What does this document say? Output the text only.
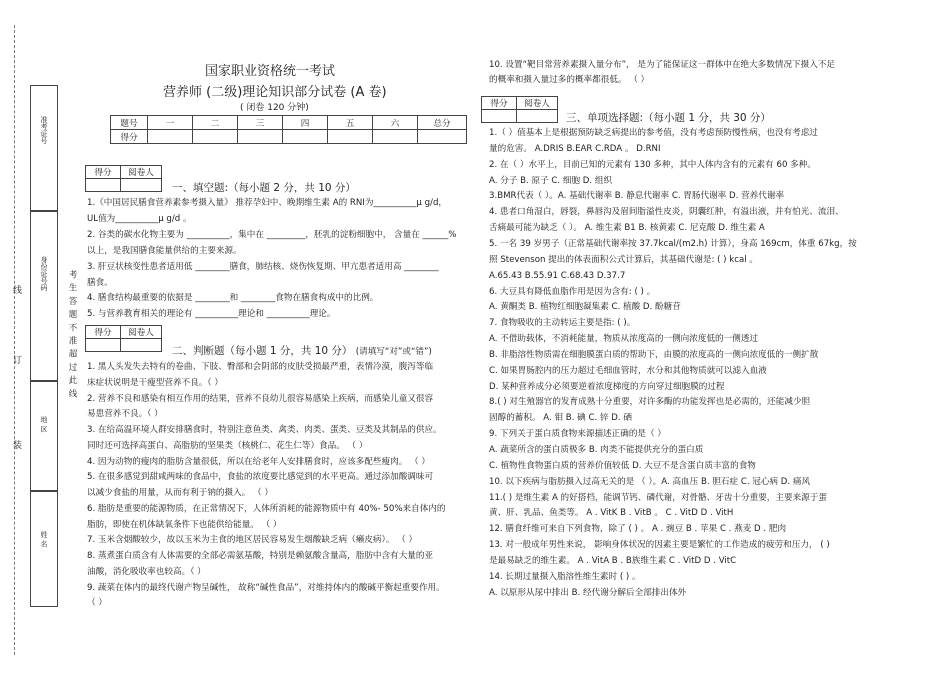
准考证号
身份证号码
地 区
姓 名
线
订
装
考 生 答 题 不 准 超 过 此 线
国家职业资格统一考试
营养师 (二级)理论知识部分试卷 (A 卷)
( 闭卷 120 分钟)
题号	一	二	三	四	五	六	总分
得分							
得分	阅卷人

一、填空题:（每小题 2 分，共 10 分）
1.《中国居民膳食营养素参考摄入量》 推荐孕妇中、晚期维生素 A的 RNI为__________μ g/d，
UL值为__________μ g/d 。
2. 谷类的碳水化物主要为 __________，集中在 _________，胚乳的淀粉细胞中， 含量在 ______%
以上，是我国膳食能量供给的主要来源。
3. 肝豆状核变性患者适用低 ________膳食，肺结核、烧伤恢复期、甲亢患者适用高 ________
膳食。
4. 膳食结构最重要的依据是 ________和 ________食物在膳食构成中的比例。
5. 与营养教育相关的理论有 __________理论和 __________理论。
得分	阅卷人

二、判断题（每小题 1 分，共 10 分） (请填写“对”或“错”)
1. 黑人头发失去特有的卷曲、下肢、臀部和会阴部的皮肤受损最严重，表情冷漠，腹泻等临
床症状说明是干瘦型营养不良。（ ）
2. 营养不良和感染有相互作用的结果，营养不良幼儿很容易感染上疾病，而感染儿童又很容
易患营养不良。（ ）
3. 在给高温环境人群安排膳食时，特别注意鱼类、禽类、肉类、蛋类、豆类及其制品的供应。
同时还可选择高蛋白、高脂肪的坚果类（核桃仁、花生仁等）食品。 （ ）
4. 因为动物的瘦肉的脂肪含量很低，所以在给老年人安排膳食时，应该多配些瘦肉。 （ ）
5. 在很多感觉到甜咸两味的食品中，食盐的浓度要比感觉到的水平更高。通过添加酸调味可
以减少食盐的用量，从而有利于钠的摄入。 （ ）
6. 脂肪是重要的能源物质，在正常情况下，人体所消耗的能源物质中有 40%- 50%来自体内的
脂肪，即使在机体缺氧条件下也能供给能量。 （ ）
7. 玉米含烟酸较少，故以玉米为主食的地区居民容易发生烟酸缺乏病（癞皮病）。 （ ）
8. 蒸煮蛋白质含有人体需要的全部必需氨基酸，特别是赖氨酸含量高，脂肪中含有大量的亚
油酸，消化吸收率也较高。（ ）
9. 蔬菜在体内的最终代谢产物呈碱性， 故称“碱性食品”，对维持体内的酸碱平衡起重要作用。
（ ）
10. 设置“靶目常营养素摄入量分布”， 是为了能保证这一群体中在绝大多数情况下摄入不足
的概率和摄入量过多的概率都很低。 （ ）
得分	阅卷人

三、单项选择题:（每小题 1 分，共 30 分）
1.（ ）值基本上是根据预防缺乏病提出的参考值，没有考虑预防慢性病，也没有考虑过
量的危害。 A.DRIS B.EAR C.RDA 。 D.RNI
2. 在（ ）水平上，目前已知的元素有 130 多种，其中人体内含有的元素有 60 多种。
A. 分子 B. 原子 C. 细胞 D. 组织
3.BMR代表（ ）。A. 基础代谢率 B. 静息代谢率 C. 胃肠代谢率 D. 营养代谢率
4. 患者口角湿白，唇裂，鼻唇沟及眉间脂溢性皮炎，阴囊红肿，有溢出液，并有怕光、流泪、
舌痛最可能为缺乏（ ）。 A. 维生素 B1 B. 核黄素 C. 尼克酸 D. 维生素 A
5. 一名 39 岁男子（正常基础代谢率按 37.7kcal/(m2.h) 计算），身高 169cm，体重 67kg，按
照 Stevenson 提出的体表面积公式计算后，其基础代谢是: ( ) kcal 。
A.65.43 B.55.91 C.68.43 D.37.7
6. 大豆具有降低血脂作用是因为含有: ( ) 。
A. 黄酮类 B. 植物红细胞凝集素 C. 植酸 D. 酚糖苷
7. 食物吸收的主动转运主要是指: ( )。
A. 不借助载体，不消耗能量，物质从浓度高的一侧向浓度低的一侧透过
B. 非脂溶性物质需在细胞膜蛋白质的帮助下，由膜的浓度高的一侧向浓度低的一侧扩散
C. 如果胃肠腔内的压力超过毛细血管时，水分和其他物质就可以滤入血液
D. 某种营养成分必须要逆着浓度梯度的方向穿过细胞膜的过程
8.( ) 对生殖器官的发育成熟十分重要，对许多酶的功能发挥也是必需的，还能减少胆
固醇的蓄积。 A. 钼 B. 碘 C. 锌 D. 硒
9. 下列关于蛋白质食物来源描述正确的是（ ）
A. 蔬菜所含的蛋白质极多 B. 肉类不能提供充分的蛋白质
C. 植物性食物蛋白质的营养价值较低 D. 大豆不是含蛋白质丰富的食物
10. 以下疾病与脂肪摄入过高无关的是 （ ）。A. 高血压 B. 胆石症 C. 冠心病 D. 痛风
11.( ) 是维生素 A 的好搭档，能调节钙、磷代谢，对骨骼、牙齿十分重要，主要来源于蛋
黄、肝、乳品、鱼类等。 A . VitK B . VitB 。 C . VitD D . VitH
12. 膳食纤维可来自下列食物，除了 ( ) 。 A . 豌豆 B . 苹果 C . 燕麦 D . 肥肉
13. 对一般成年男性来说， 影响身体状况的因素主要是繁忙的工作造成的疲劳和压力， ( )
是最易缺乏的维生素。 A . VitA B . B族维生素 C . VitD D . VitC
14. 长期过量摄入脂溶性维生素时 ( ) 。
A. 以原形从尿中排出 B. 经代谢分解后全部排出体外
